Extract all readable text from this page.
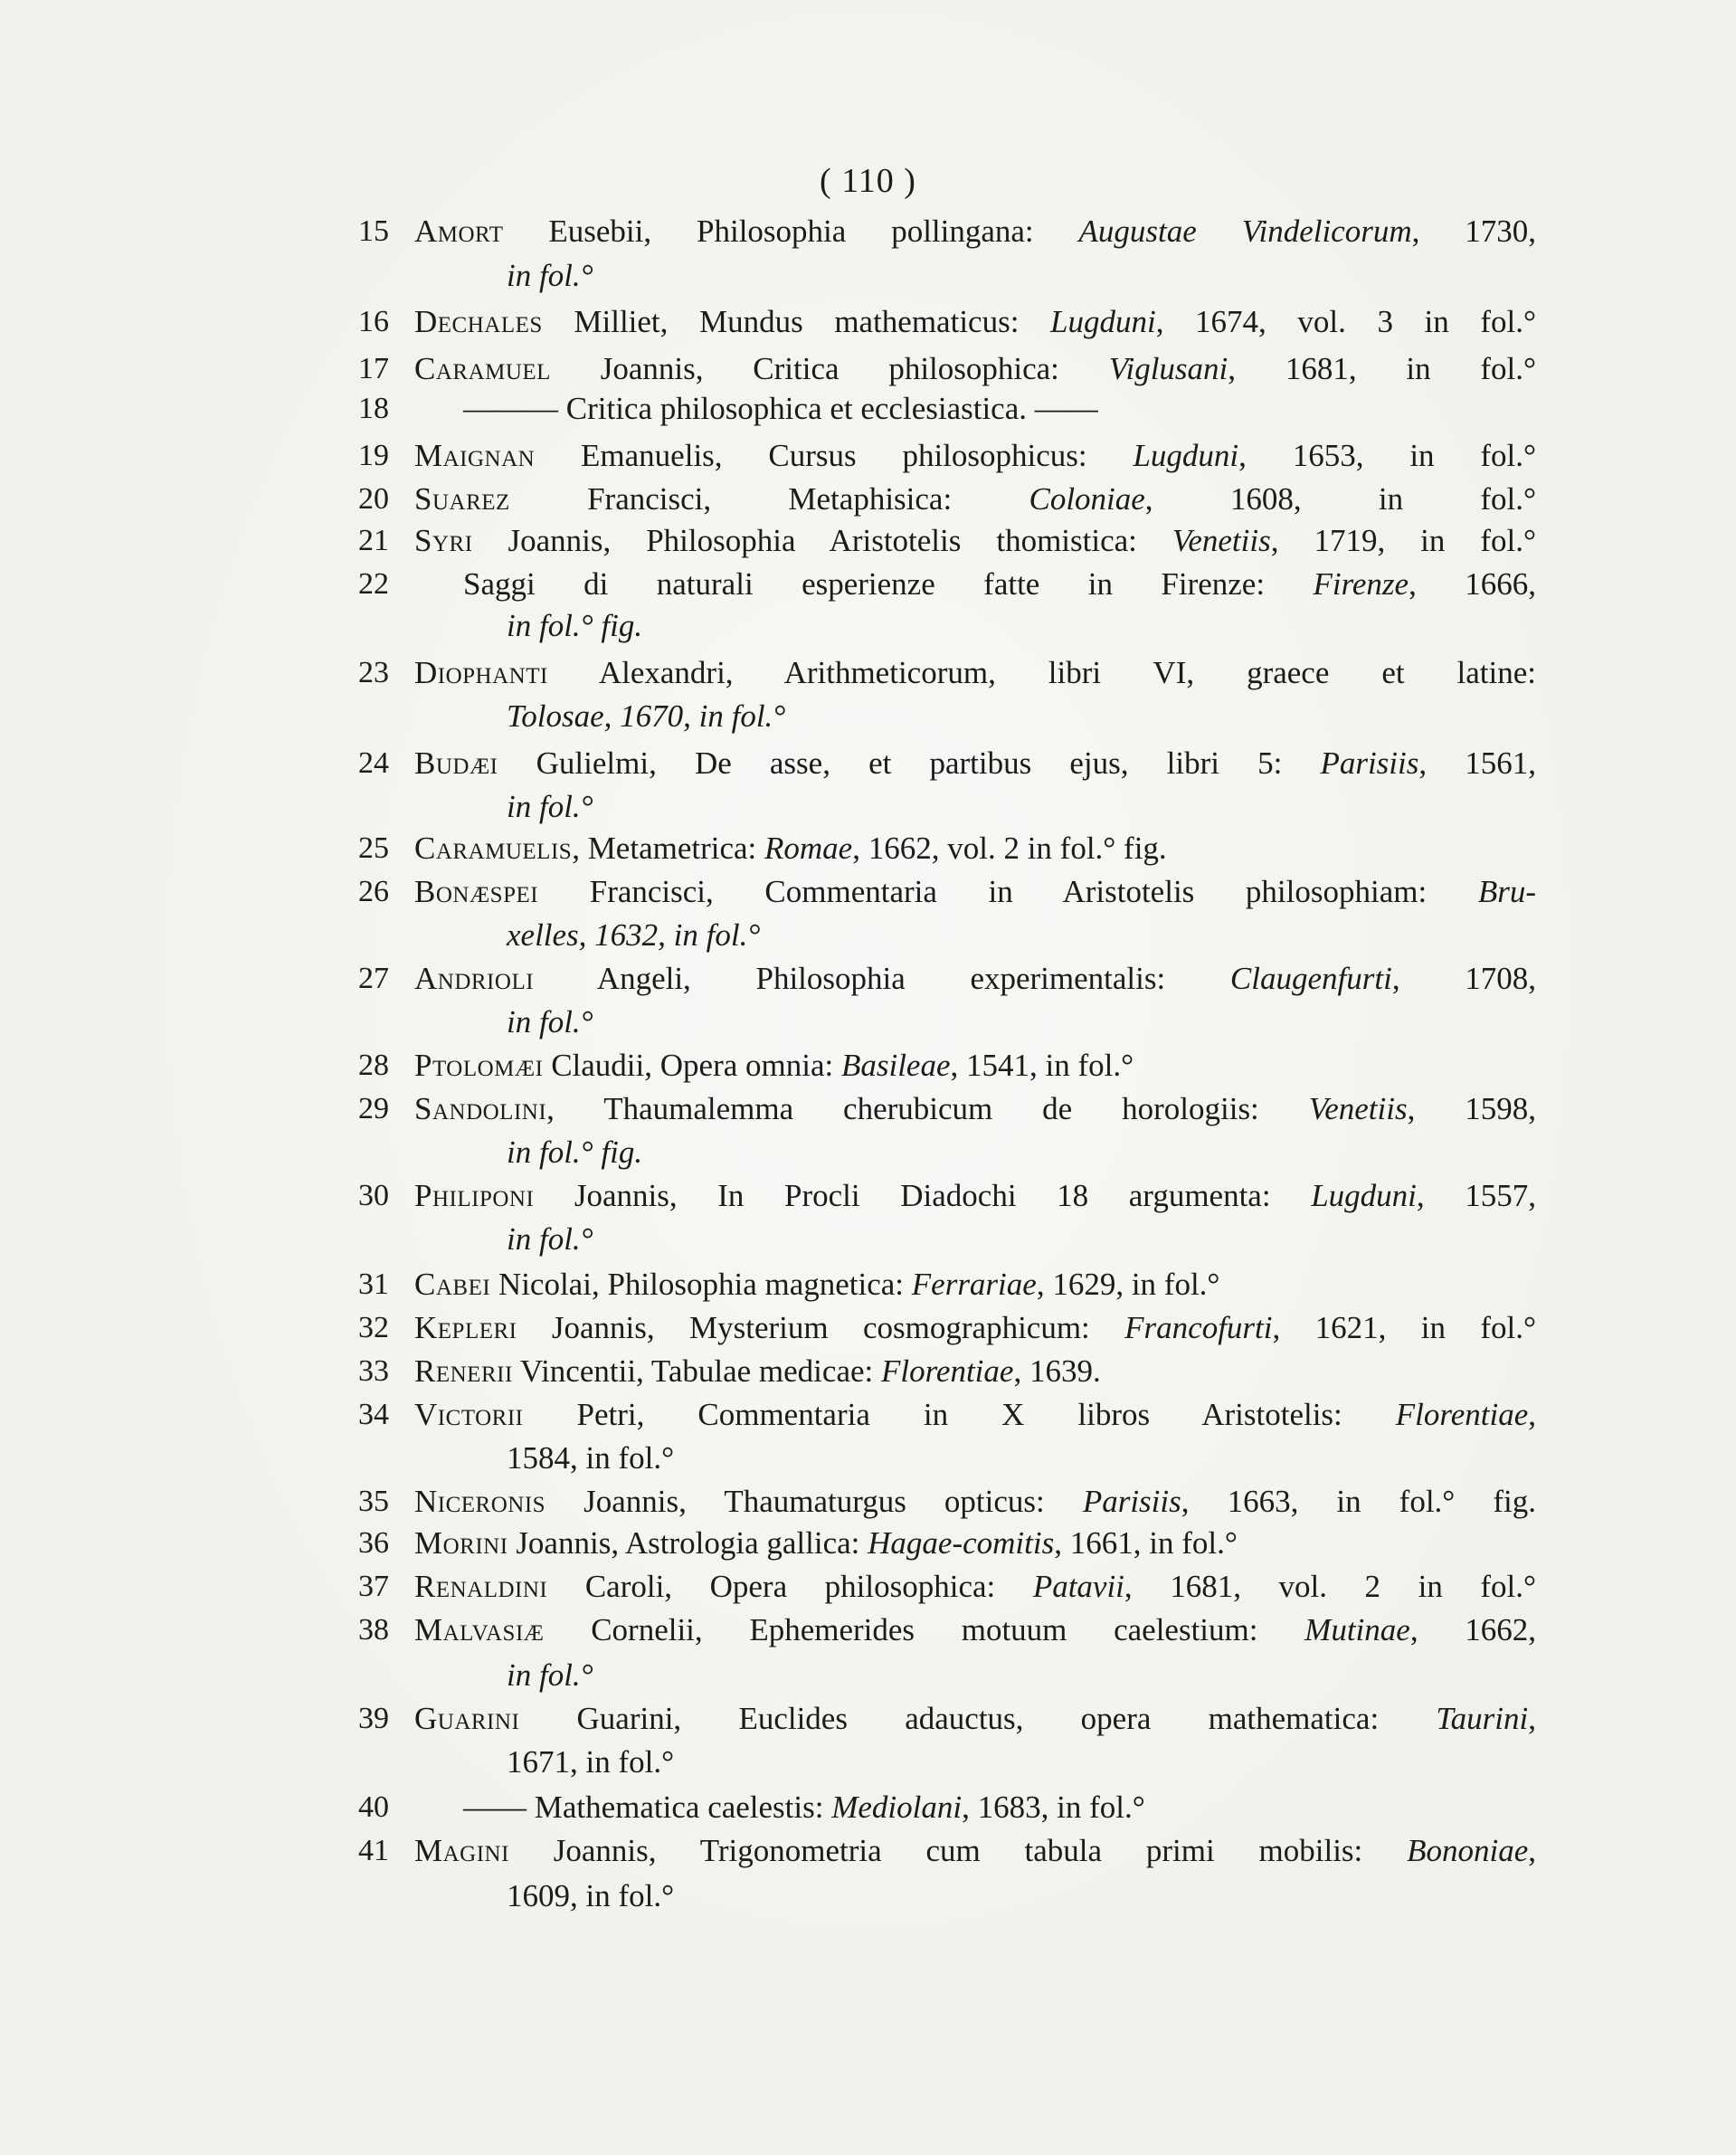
( 110 )
15 Amort Eusebii, Philosophia pollingana: Augustae Vindelicorum, 1730,
in fol.°
16 Dechales Milliet, Mundus mathematicus: Lugduni, 1674, vol. 3 in fol.°
17 Caramuel Joannis, Critica philosophica: Viglusani, 1681, in fol.°
18 ——— Critica philosophica et ecclesiastica. ——
19 Maignan Emanuelis, Cursus philosophicus: Lugduni, 1653, in fol.°
20 Suarez Francisci, Metaphisica: Coloniae, 1608, in fol.°
21 Syri Joannis, Philosophia Aristotelis thomistica: Venetiis, 1719, in fol.°
22 Saggi di naturali esperienze fatte in Firenze: Firenze, 1666,
in fol.° fig.
23 Diophanti Alexandri, Arithmeticorum, libri VI, graece et latine:
Tolosae, 1670, in fol.°
24 Budæi Gulielmi, De asse, et partibus ejus, libri 5: Parisiis, 1561,
in fol.°
25 Caramuelis, Metametrica: Romae, 1662, vol. 2 in fol.° fig.
26 Bonæspei Francisci, Commentaria in Aristotelis philosophiam: Bru-
xelles, 1632, in fol.°
27 Andrioli Angeli, Philosophia experimentalis: Claugenfurti, 1708,
in fol.°
28 Ptolomæi Claudii, Opera omnia: Basileae, 1541, in fol.°
29 Sandolini, Thaumalemma cherubicum de horologiis: Venetiis, 1598,
in fol.° fig.
30 Philiponi Joannis, In Procli Diadochi 18 argumenta: Lugduni, 1557,
in fol.°
31 Cabei Nicolai, Philosophia magnetica: Ferrariae, 1629, in fol.°
32 Kepleri Joannis, Mysterium cosmographicum: Francofurti, 1621, in fol.°
33 Renerii Vincentii, Tabulae medicae: Florentiae, 1639.
34 Victorii Petri, Commentaria in X libros Aristotelis: Florentiae,
1584, in fol.°
35 Niceronis Joannis, Thaumaturgus opticus: Parisiis, 1663, in fol.° fig.
36 Morini Joannis, Astrologia gallica: Hagae-comitis, 1661, in fol.°
37 Renaldini Caroli, Opera philosophica: Patavii, 1681, vol. 2 in fol.°
38 Malvasiæ Cornelii, Ephemerides motuum caelestium: Mutinae, 1662,
in fol.°
39 Guarini Guarini, Euclides adauctus, opera mathematica: Taurini,
1671, in fol.°
40 —— Mathematica caelestis: Mediolani, 1683, in fol.°
41 Magini Joannis, Trigonometria cum tabula primi mobilis: Bononiae,
1609, in fol.°
